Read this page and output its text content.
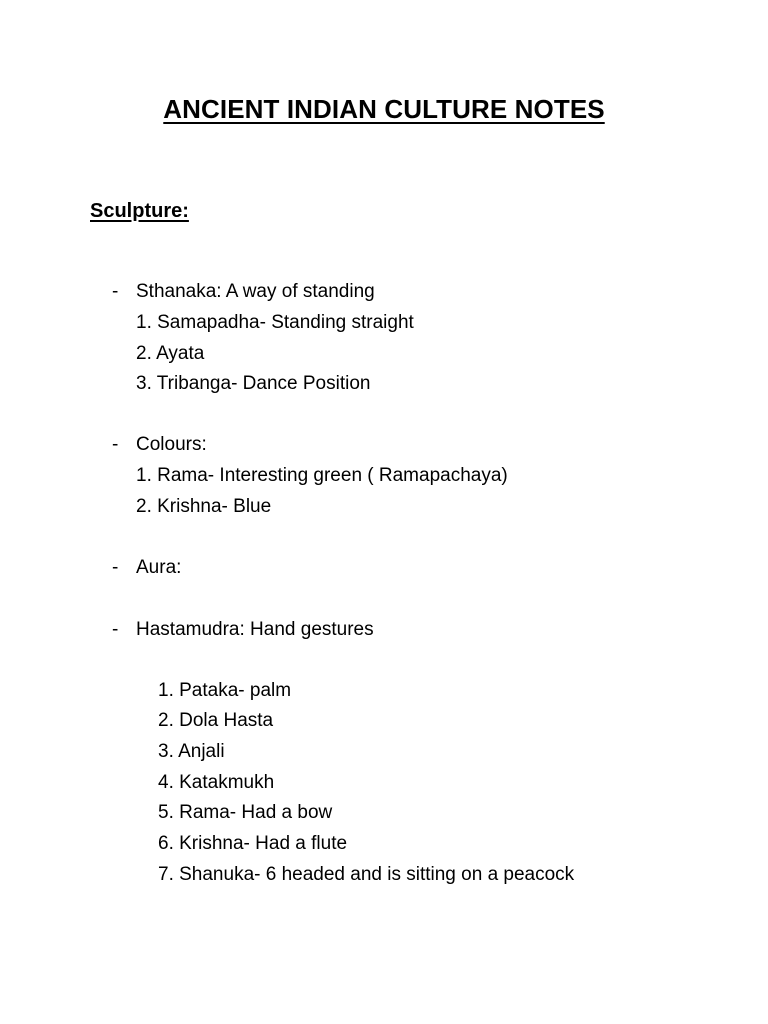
ANCIENT INDIAN CULTURE NOTES
Sculpture:
- Sthanaka: A way of standing
1. Samapadha- Standing straight
2. Ayata
3. Tribanga- Dance Position
- Colours:
1. Rama- Interesting green ( Ramapachaya)
2. Krishna- Blue
- Aura:
- Hastamudra: Hand gestures
1. Pataka- palm
2. Dola Hasta
3. Anjali
4. Katakmukh
5. Rama- Had a bow
6. Krishna- Had a flute
7. Shanuka- 6 headed and is sitting on a peacock
